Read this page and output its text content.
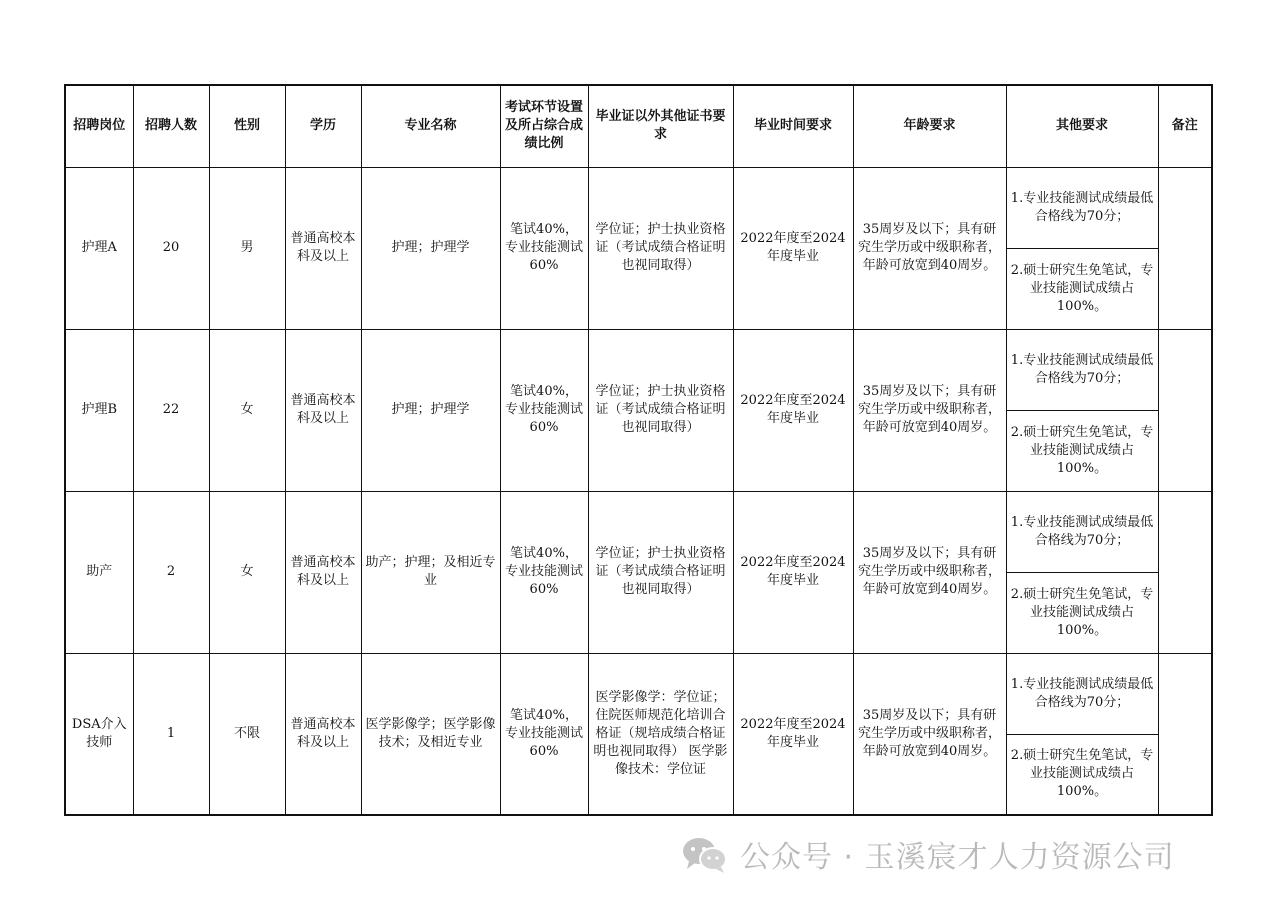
招聘岗位	招聘人数	性别	学历	专业名称	考试环节设置及所占综合成绩比例	毕业证以外其他证书要求	毕业时间要求	年龄要求	其他要求	备注
护理A	20	男	普通高校本科及以上	护理；护理学	笔试40%，专业技能测试60%	学位证；护士执业资格证（考试成绩合格证明也视同取得）	2022年度至2024年度毕业	35周岁及以下；具有研究生学历或中级职称者，年龄可放宽到40周岁。	1.专业技能测试成绩最低合格线为70分；	
									2.硕士研究生免笔试，专业技能测试成绩占100%。	
护理B	22	女	普通高校本科及以上	护理；护理学	笔试40%，专业技能测试60%	学位证；护士执业资格证（考试成绩合格证明也视同取得）	2022年度至2024年度毕业	35周岁及以下；具有研究生学历或中级职称者，年龄可放宽到40周岁。	1.专业技能测试成绩最低合格线为70分；	
									2.硕士研究生免笔试，专业技能测试成绩占100%。	
助产	2	女	普通高校本科及以上	助产；护理；及相近专业	笔试40%，专业技能测试60%	学位证；护士执业资格证（考试成绩合格证明也视同取得）	2022年度至2024年度毕业	35周岁及以下；具有研究生学历或中级职称者，年龄可放宽到40周岁。	1.专业技能测试成绩最低合格线为70分；	
									2.硕士研究生免笔试，专业技能测试成绩占100%。	
DSA介入技师	1	不限	普通高校本科及以上	医学影像学；医学影像技术；及相近专业	笔试40%，专业技能测试60%	医学影像学：学位证；住院医师规范化培训合格证（规培成绩合格证明也视同取得） 医学影像技术：学位证	2022年度至2024年度毕业	35周岁及以下；具有研究生学历或中级职称者，年龄可放宽到40周岁。	1.专业技能测试成绩最低合格线为70分；	
									2.硕士研究生免笔试，专业技能测试成绩占100%。	
公众号 · 玉溪宸才人力资源公司
